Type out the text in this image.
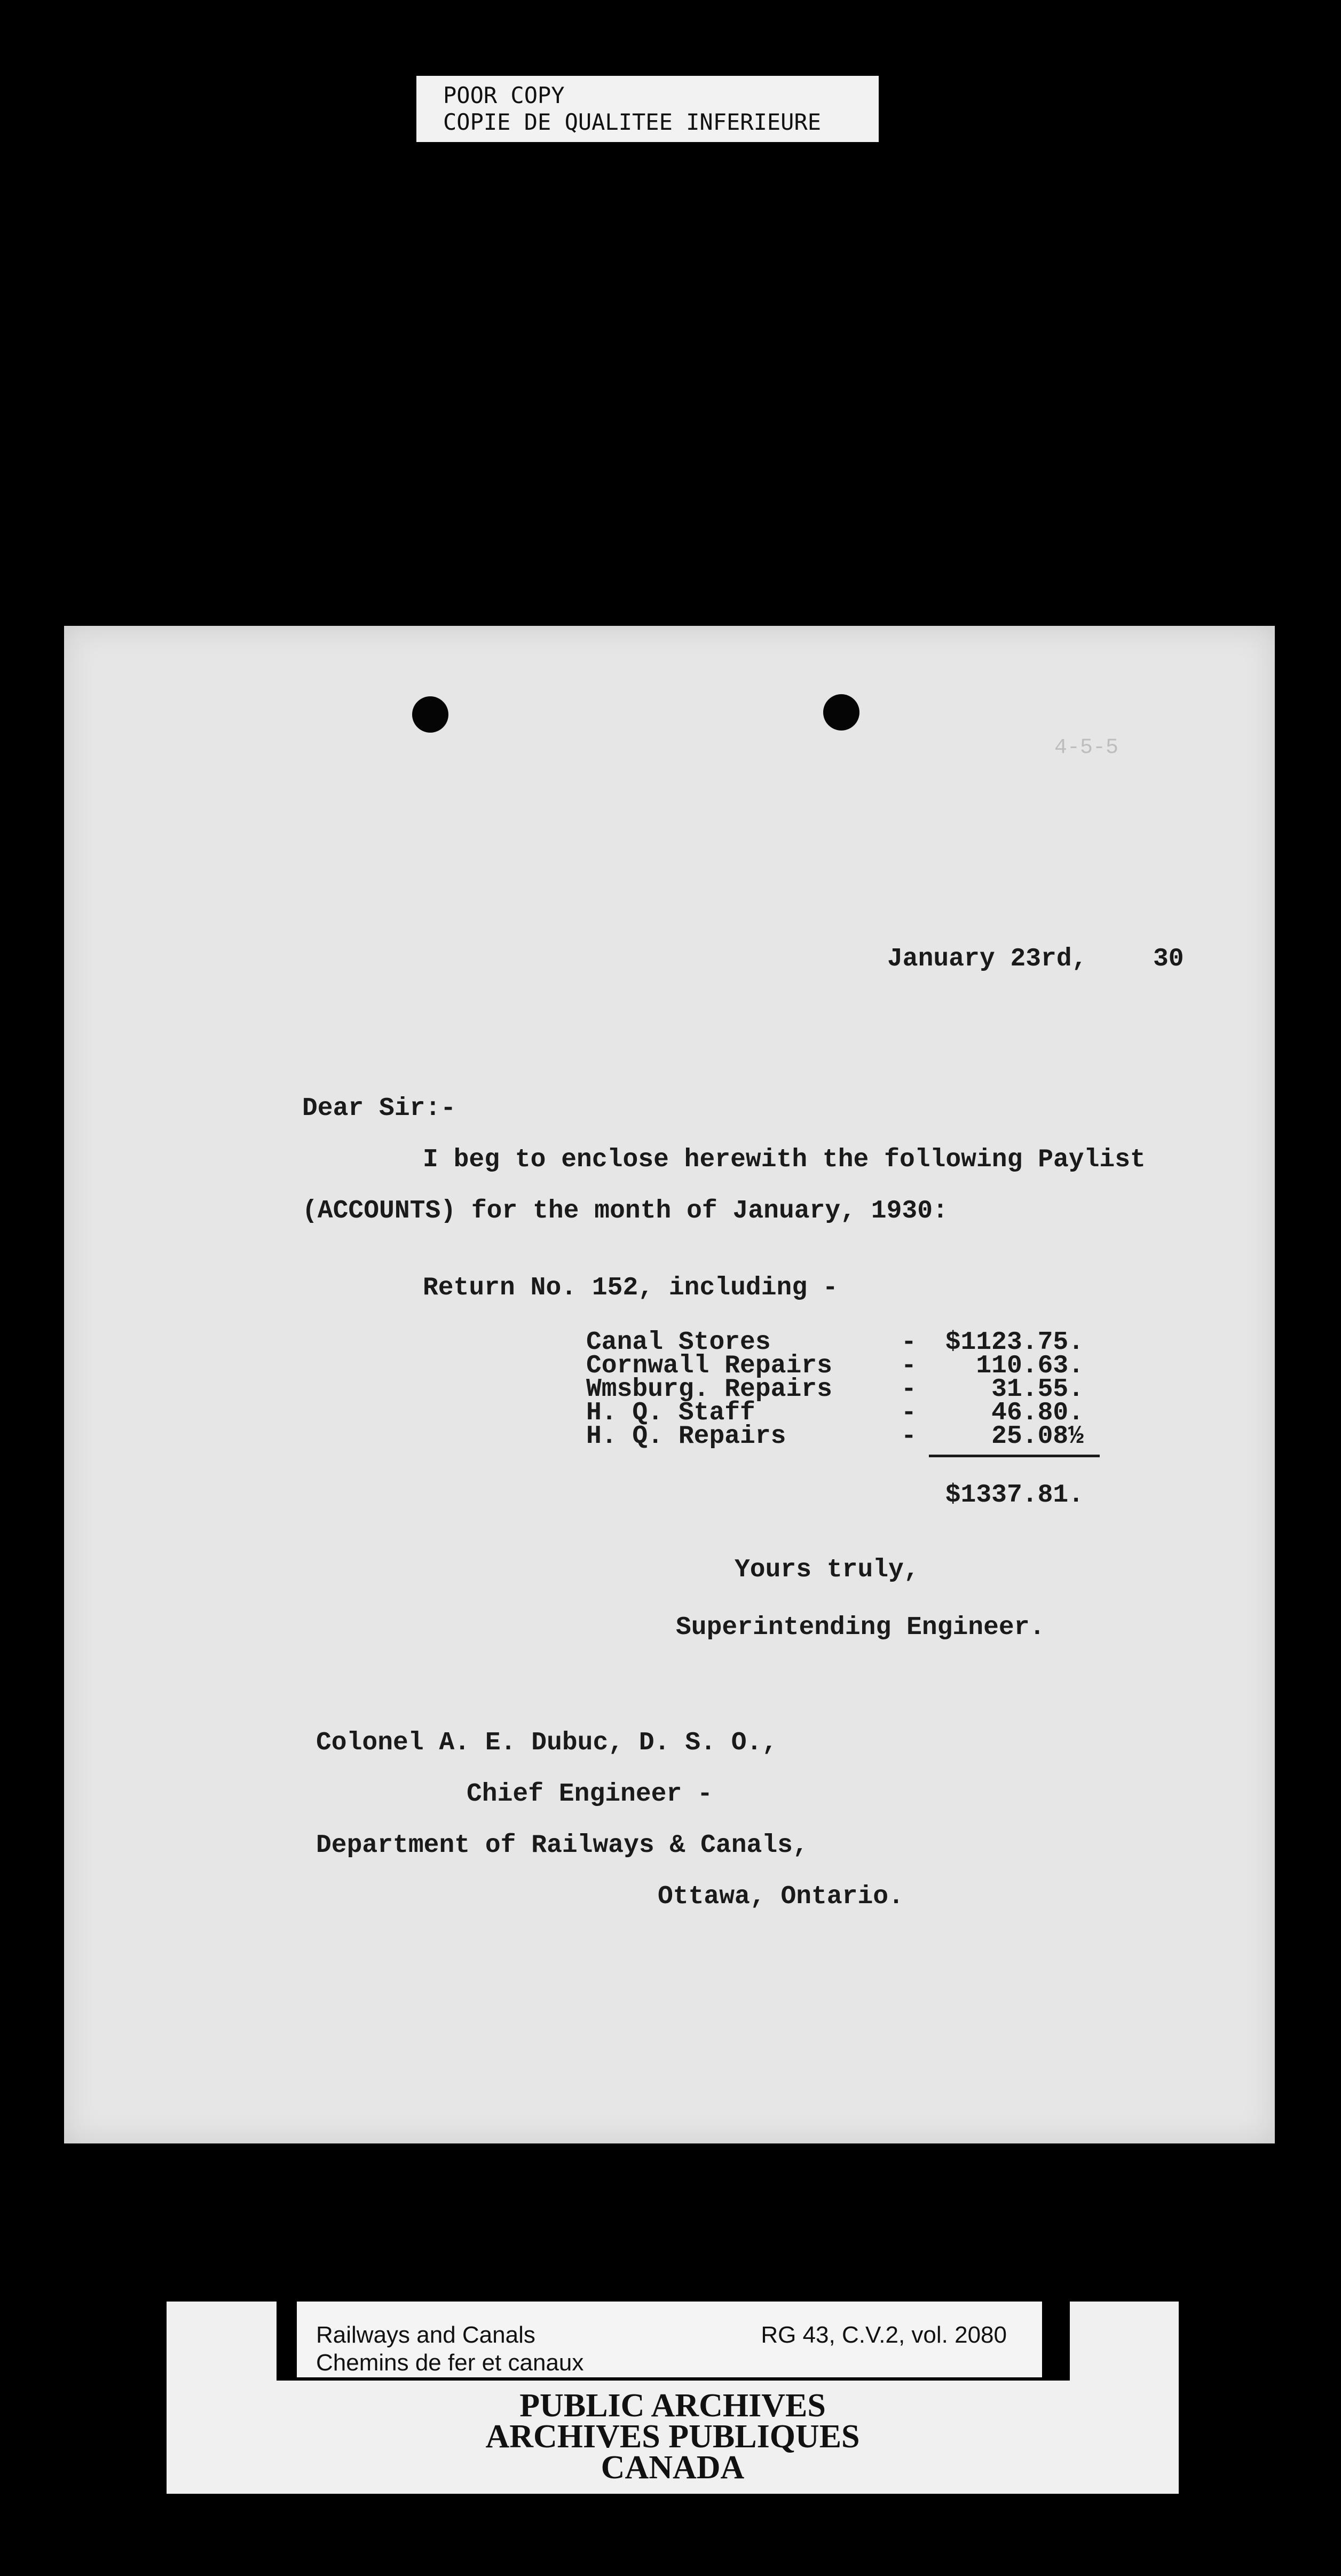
POOR COPY
COPIE DE QUALITEE INFERIEURE
4-5-5
January 23rd,	30
Dear Sir:-
I beg to enclose herewith the following Paylist
(ACCOUNTS) for the month of January, 1930:
Return No. 152, including -
Canal Stores	-	$1123.75.
Cornwall Repairs	-	110.63.
Wmsburg. Repairs	-	31.55.
H. Q. Staff	-	46.80.
H. Q. Repairs	-	25.08½
$1337.81.
Yours truly,
Superintending Engineer.
Colonel A. E. Dubuc, D. S. O.,
Chief Engineer -
Department of Railways & Canals,
Ottawa, Ontario.
Railways and Canals
Chemins de fer et canaux
RG 43, C.V.2, vol. 2080
PUBLIC ARCHIVES
ARCHIVES PUBLIQUES
CANADA
